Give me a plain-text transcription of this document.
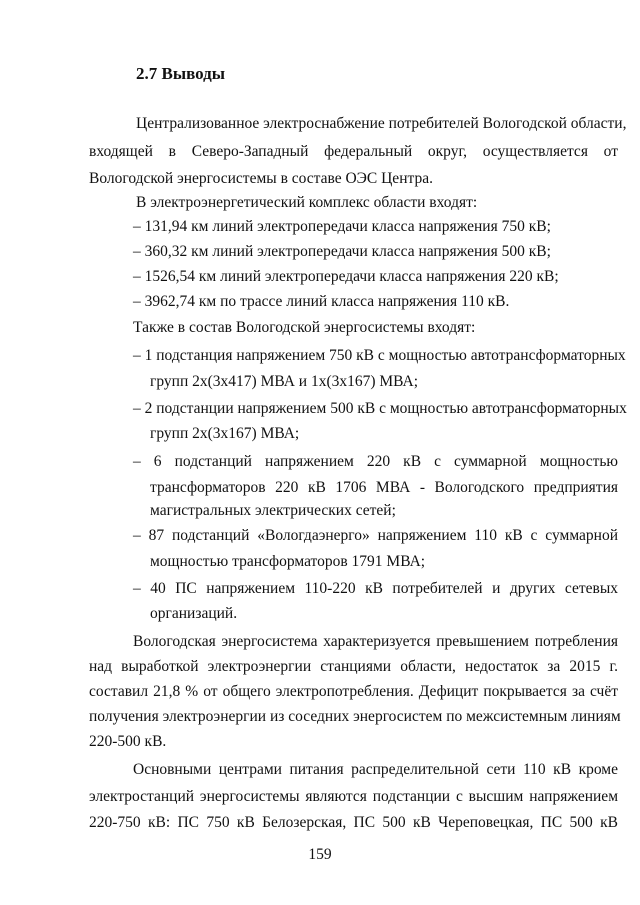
2.7 Выводы
Централизованное электроснабжение потребителей Вологодской области,
входящей в Северо-Западный федеральный округ, осуществляется от
Вологодской энергосистемы в составе ОЭС Центра.
В электроэнергетический комплекс области входят:
– 131,94 км линий электропередачи класса напряжения 750 кВ;
– 360,32 км линий электропередачи класса напряжения 500 кВ;
– 1526,54 км линий электропередачи класса напряжения 220 кВ;
– 3962,74 км по трассе линий класса напряжения 110 кВ.
Также в состав Вологодской энергосистемы входят:
– 1 подстанция напряжением 750 кВ с мощностью автотрансформаторных
групп 2х(3х417) МВА и 1х(3х167) МВА;
– 2 подстанции напряжением 500 кВ с мощностью автотрансформаторных
групп 2х(3х167) МВА;
– 6 подстанций напряжением 220 кВ с суммарной мощностью
трансформаторов 220 кВ 1706 МВА - Вологодского предприятия
магистральных электрических сетей;
– 87 подстанций «Вологдаэнерго» напряжением 110 кВ с суммарной
мощностью трансформаторов 1791 МВА;
– 40 ПС напряжением 110-220 кВ потребителей и других сетевых
организаций.
Вологодская энергосистема характеризуется превышением потребления
над выработкой электроэнергии станциями области, недостаток за 2015 г.
составил 21,8 % от общего электропотребления. Дефицит покрывается за счёт
получения электроэнергии из соседних энергосистем по межсистемным линиям
220-500 кВ.
Основными центрами питания распределительной сети 110 кВ кроме
электростанций энергосистемы являются подстанции с высшим напряжением
220-750 кВ: ПС 750 кВ Белозерская, ПС 500 кВ Череповецкая, ПС 500 кВ
159
